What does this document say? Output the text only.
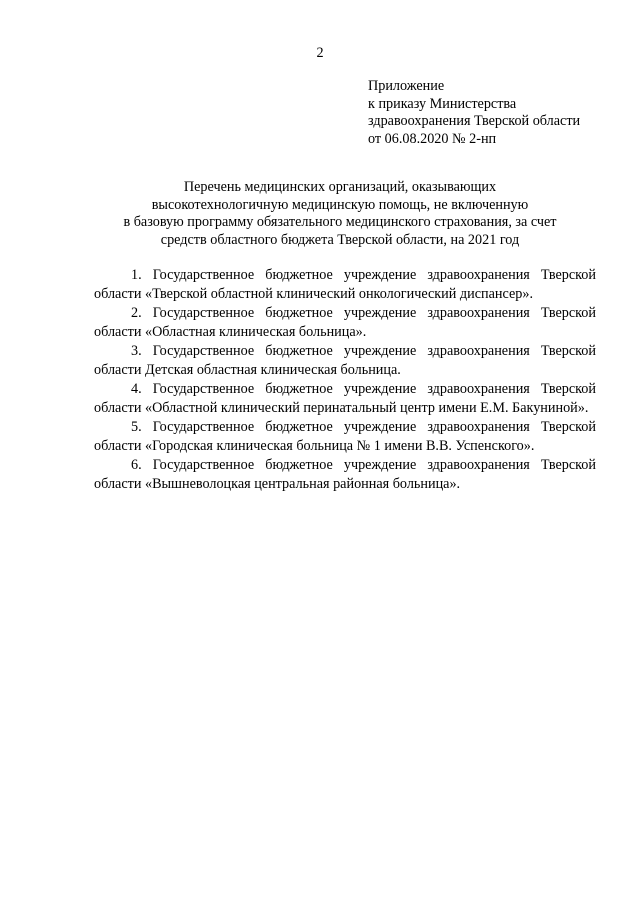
2
Приложение
к приказу Министерства
здравоохранения Тверской области
от 06.08.2020 № 2-нп
Перечень медицинских организаций, оказывающих
высокотехнологичную медицинскую помощь, не включенную
в базовую программу обязательного медицинского страхования, за счет
средств областного бюджета Тверской области, на 2021 год

1. Государственное бюджетное учреждение здравоохранения Тверской области «Тверской областной клинический онкологический диспансер».

2. Государственное бюджетное учреждение здравоохранения Тверской области «Областная клиническая больница».

3. Государственное бюджетное учреждение здравоохранения Тверской области Детская областная клиническая больница.

4. Государственное бюджетное учреждение здравоохранения Тверской области «Областной клинический перинатальный центр имени Е.М. Бакуниной».

5. Государственное бюджетное учреждение здравоохранения Тверской области «Городская клиническая больница № 1 имени В.В. Успенского».

6. Государственное бюджетное учреждение здравоохранения Тверской области «Вышневолоцкая центральная районная больница».
